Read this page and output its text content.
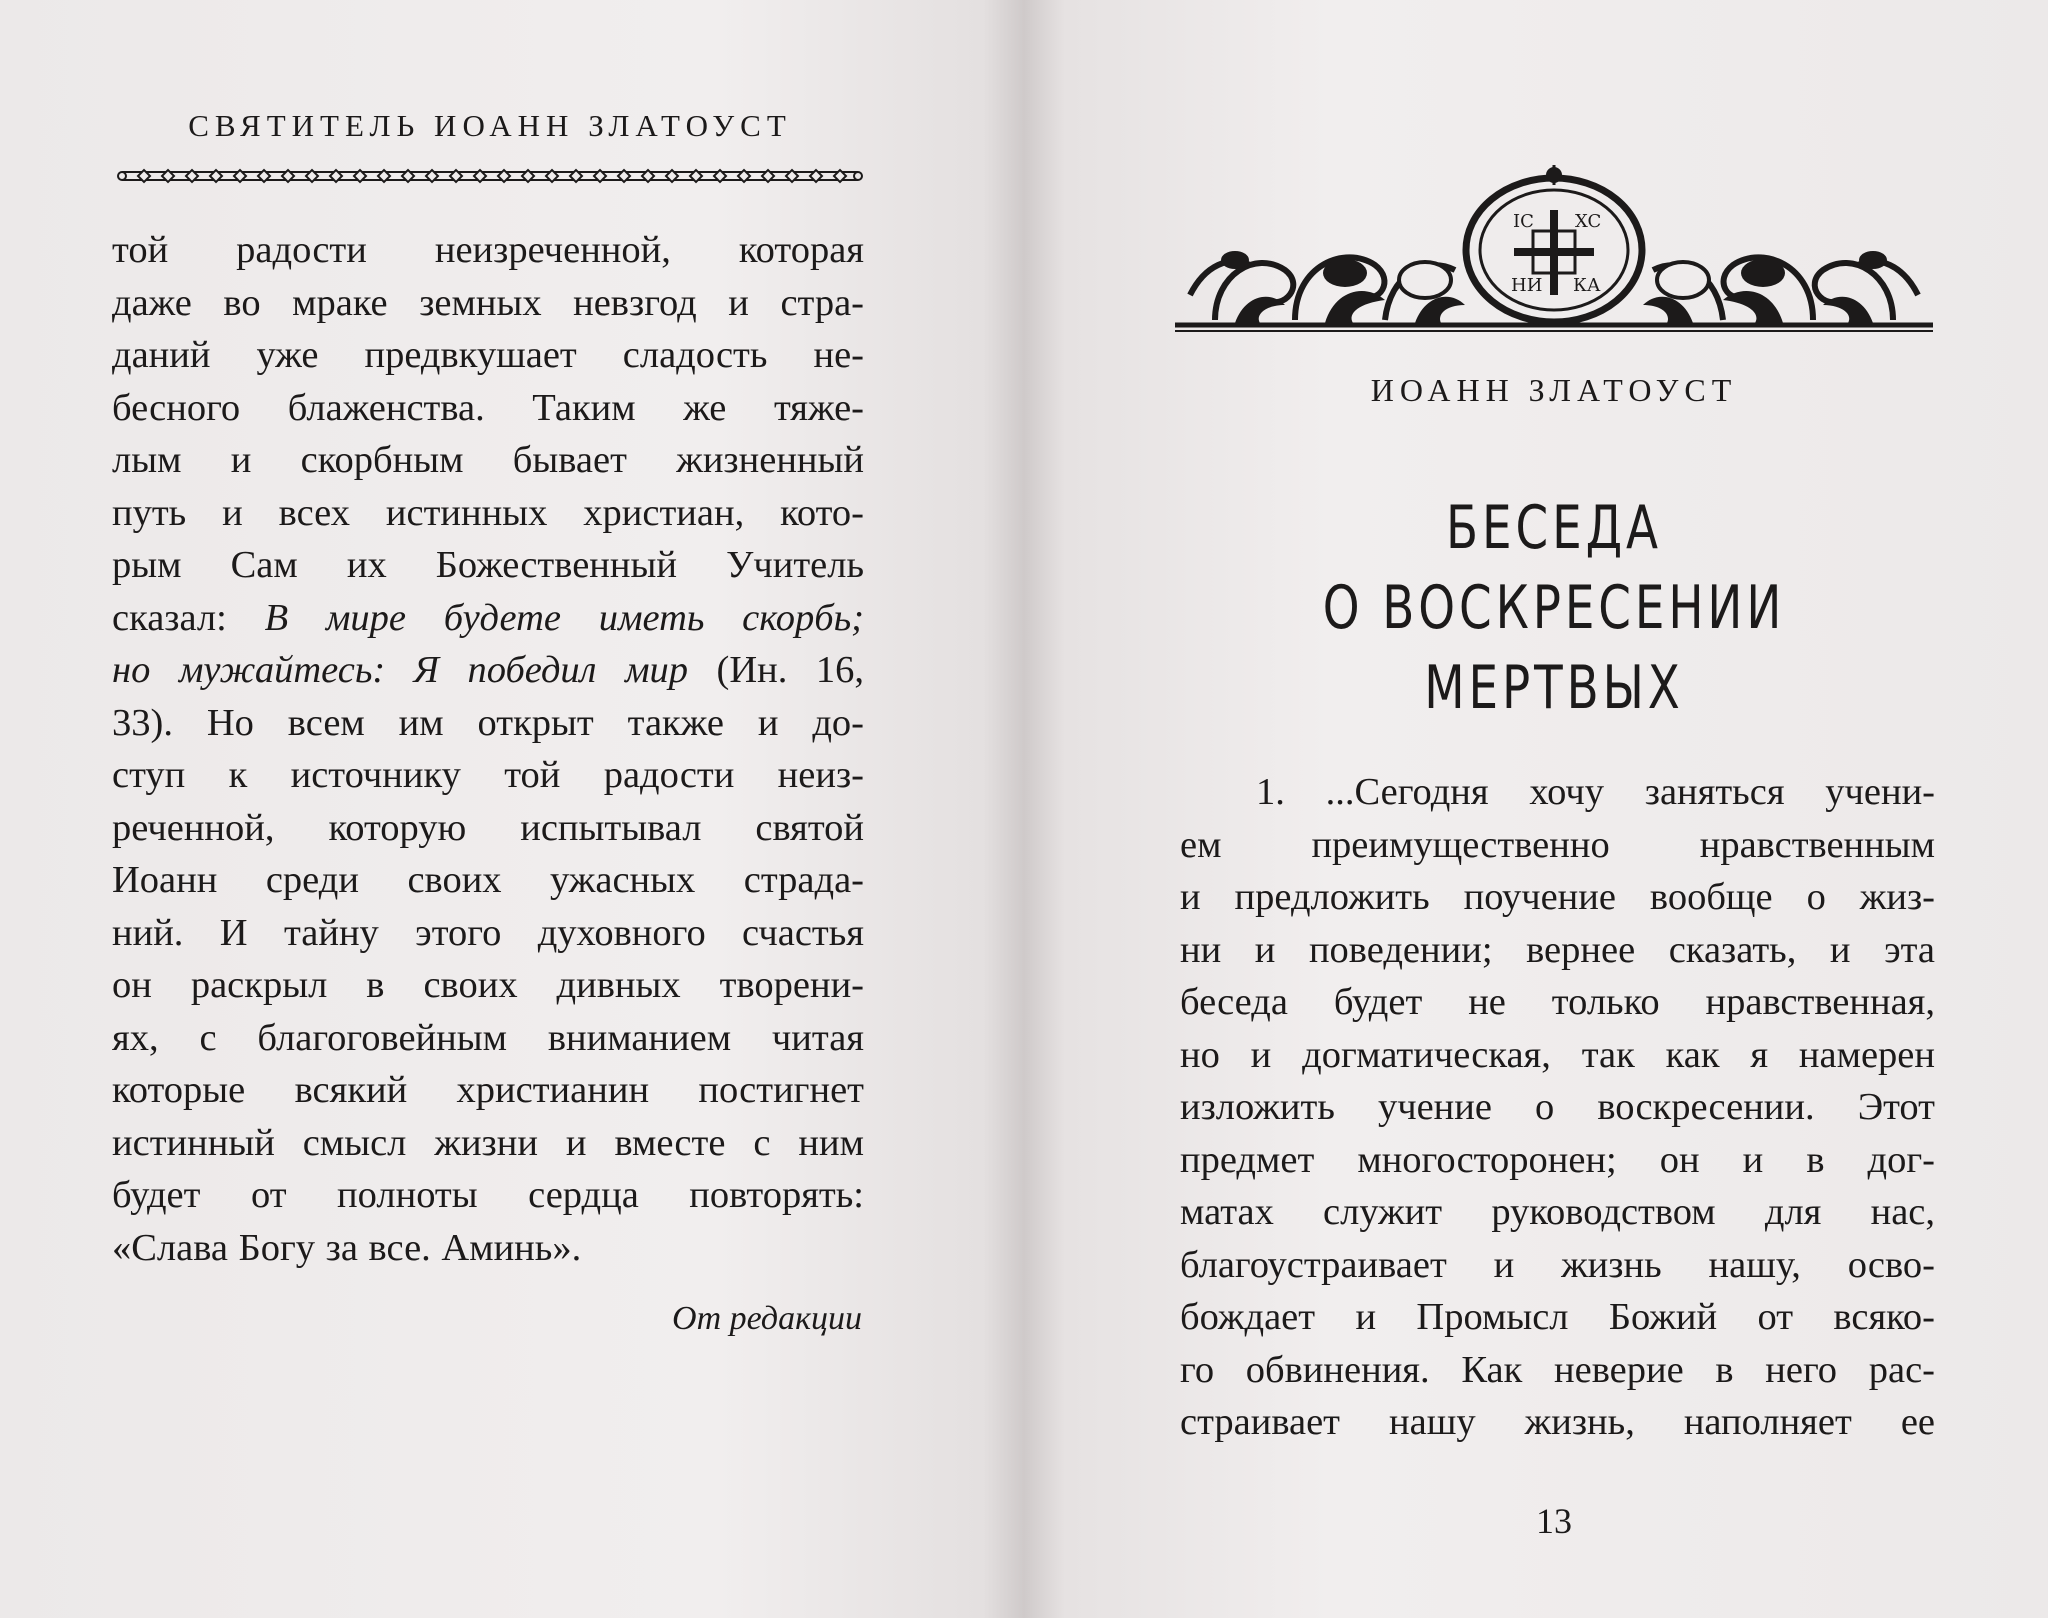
СВЯТИТЕЛЬ ИОАНН ЗЛАТОУСТ
той радости неизреченной, которая
даже во мраке земных невзгод и стра-
даний уже предвкушает сладость не-
бесного блаженства. Таким же тяже-
лым и скорбным бывает жизненный
путь и всех истинных христиан, кото-
рым Сам их Божественный Учитель
сказал: В мире будете иметь скорбь;
но мужайтесь: Я победил мир (Ин. 16,
33). Но всем им открыт также и до-
ступ к источнику той радости неиз-
реченной, которую испытывал святой
Иоанн среди своих ужасных страда-
ний. И тайну этого духовного счастья
он раскрыл в своих дивных творени-
ях, с благоговейным вниманием читая
которые всякий христианин постигнет
истинный смысл жизни и вместе с ним
будет от полноты сердца повторять:
«Слава Богу за все. Аминь».
От редакции
IC XC
НИ КА
ИОАНН ЗЛАТОУСТ
БЕСЕДА
О ВОСКРЕСЕНИИ
МЕРТВЫХ
1. ...Сегодня хочу заняться учени-
ем преимущественно нравственным
и предложить поучение вообще о жиз-
ни и поведении; вернее сказать, и эта
беседа будет не только нравственная,
но и догматическая, так как я намерен
изложить учение о воскресении. Этот
предмет многосторонен; он и в дог-
матах служит руководством для нас,
благоустраивает и жизнь нашу, осво-
бождает и Промысл Божий от всяко-
го обвинения. Как неверие в него рас-
страивает нашу жизнь, наполняет ее
13
